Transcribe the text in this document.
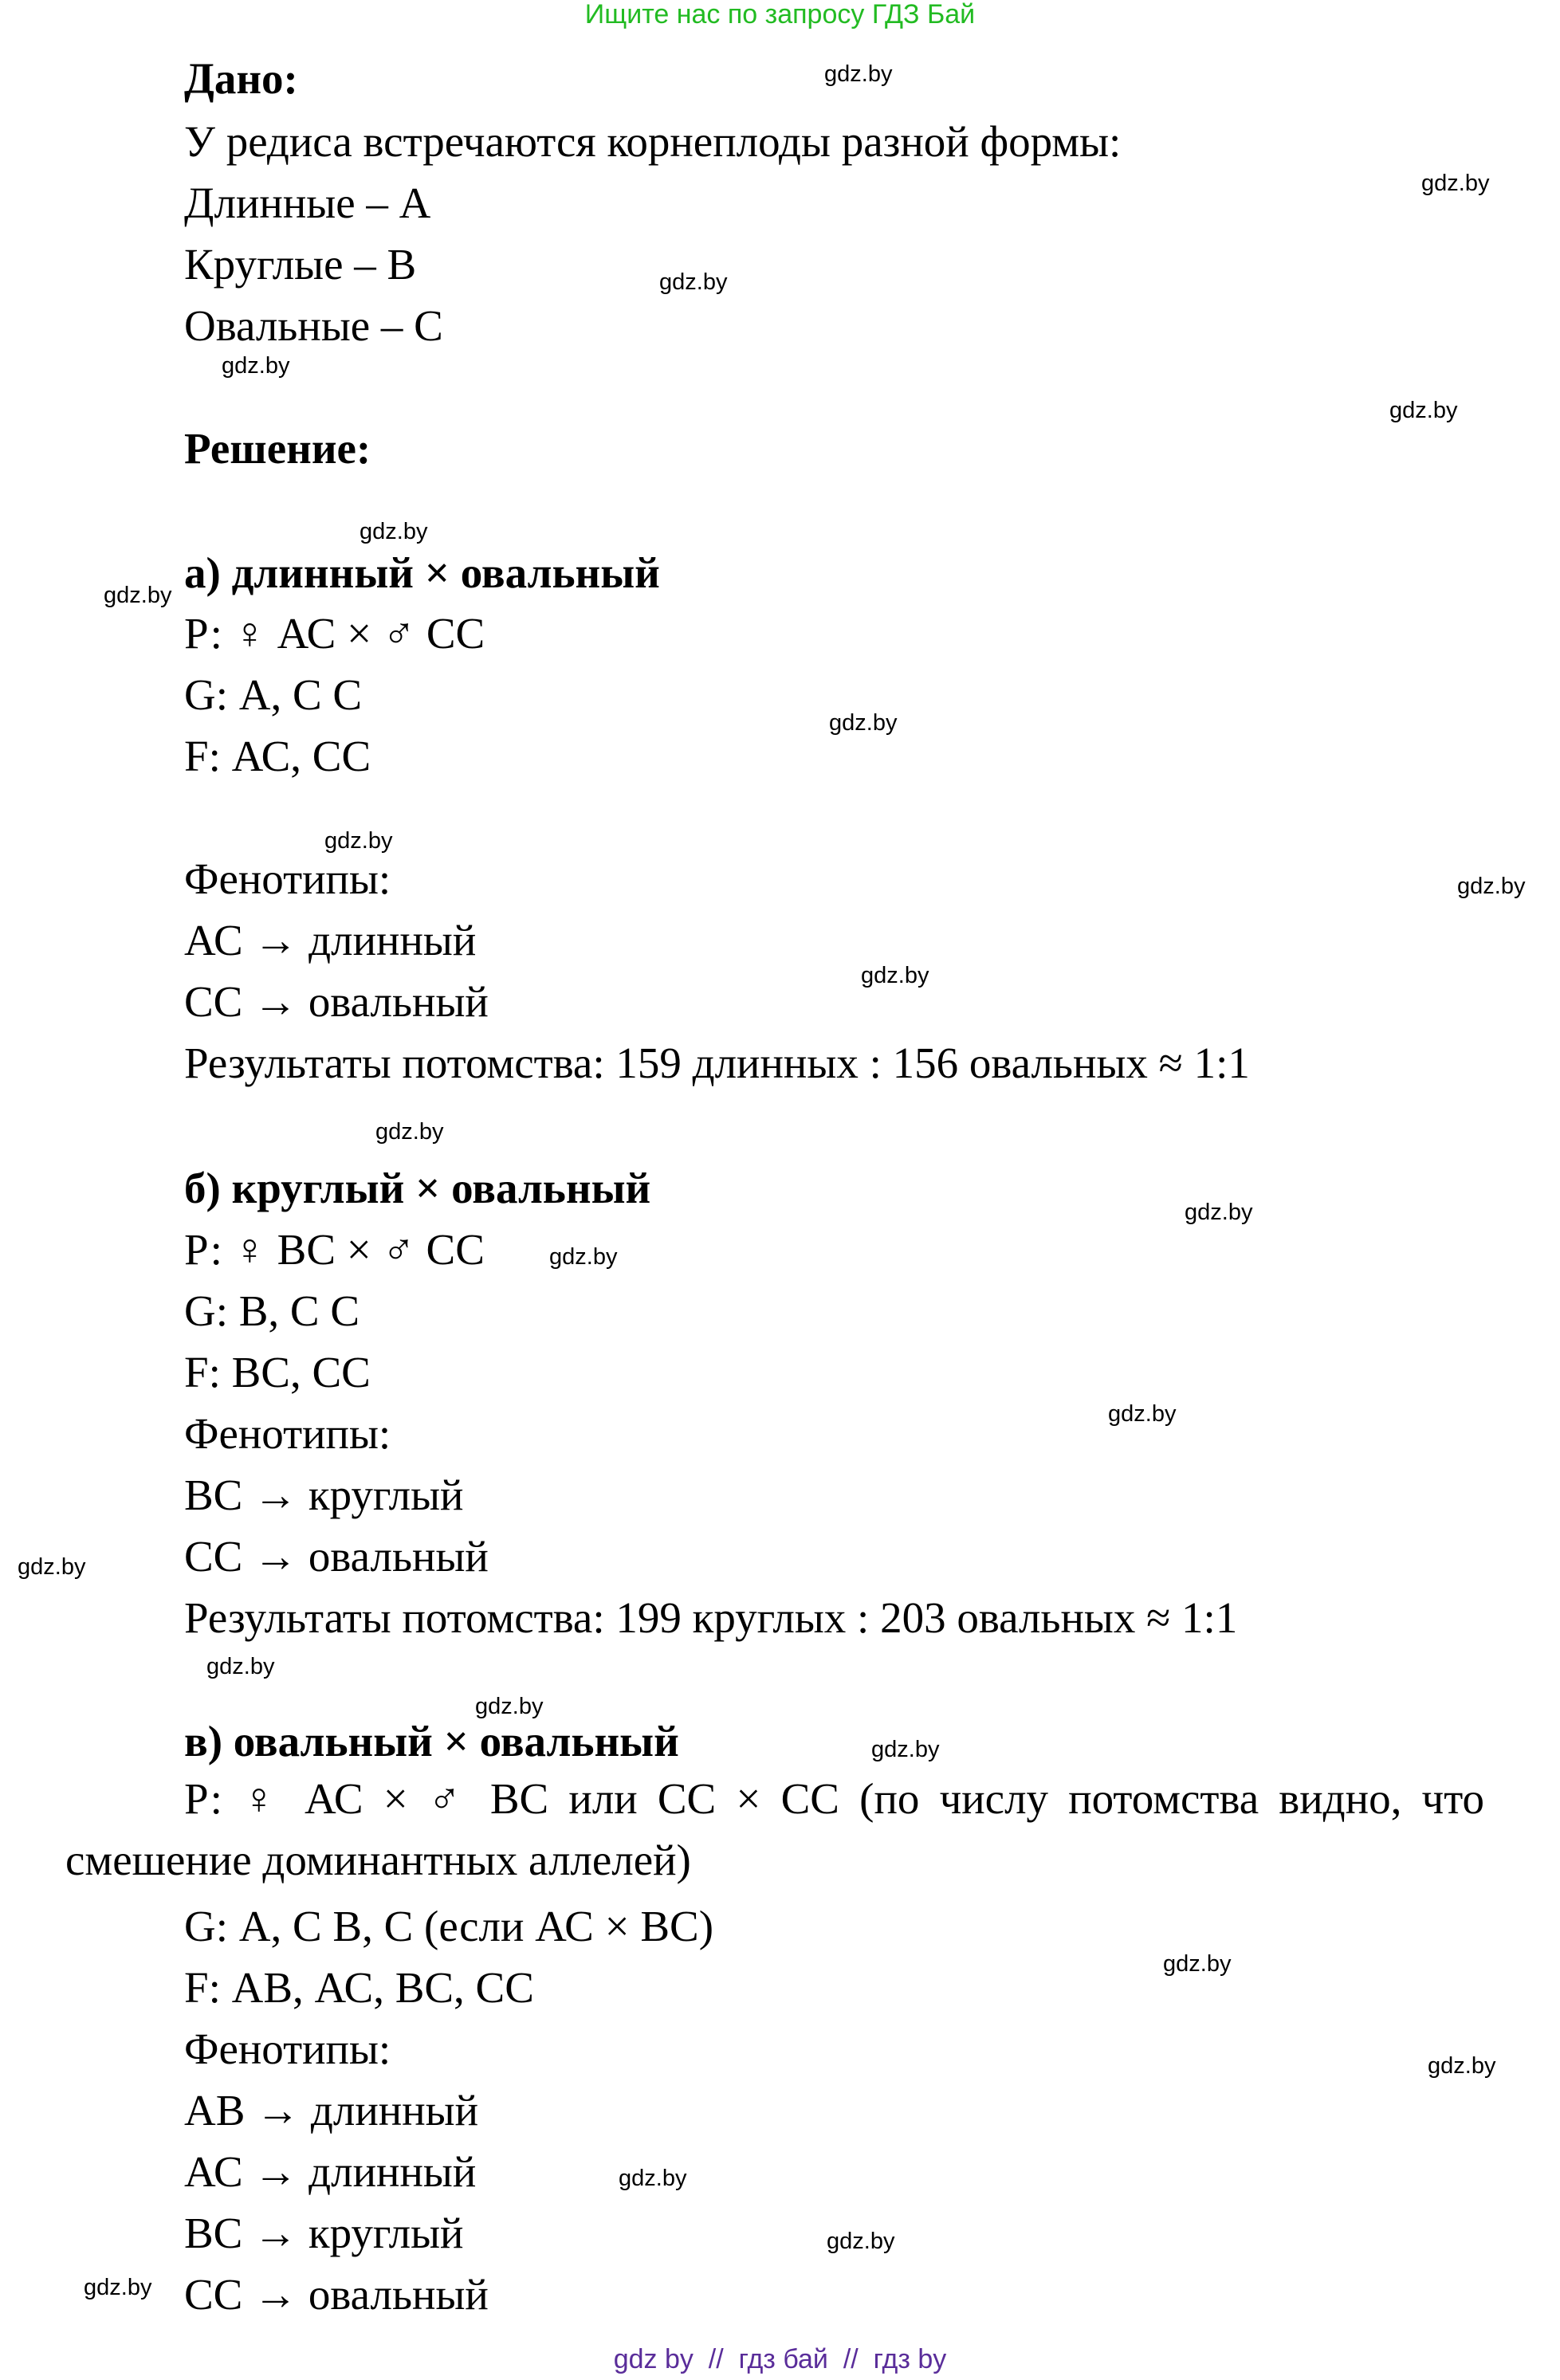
Ищите нас по запросу ГДЗ Бай
Дано:
У редиса встречаются корнеплоды разной формы:
Длинные – А
Круглые – В
Овальные – С
Решение:
а) длинный × овальный
Р: ♀ АС × ♂ СС
G: А, С С
F: АС, СС
Фенотипы:
АС → длинный
СС → овальный
Результаты потомства: 159 длинных : 156 овальных ≈ 1:1
б) круглый × овальный
Р: ♀ ВС × ♂ СС
G: В, С С
F: ВС, СС
Фенотипы:
ВС → круглый
СС → овальный
Результаты потомства: 199 круглых : 203 овальных ≈ 1:1
в) овальный × овальный
Р: ♀ АС × ♂ ВС или СС × СС (по числу потомства видно, что смешение доминантных аллелей)
G: А, С В, С (если АС × ВС)
F: АВ, АС, ВС, СС
Фенотипы:
АВ → длинный
АС → длинный
ВС → круглый
СС → овальный
gdz.by
gdz.by
gdz.by
gdz.by
gdz.by
gdz.by
gdz.by
gdz.by
gdz.by
gdz.by
gdz.by
gdz.by
gdz.by
gdz.by
gdz.by
gdz.by
gdz.by
gdz.by
gdz.by
gdz.by
gdz.by
gdz.by
gdz.by
gdz.by
gdz by  //  гдз бай  //  гдз by
